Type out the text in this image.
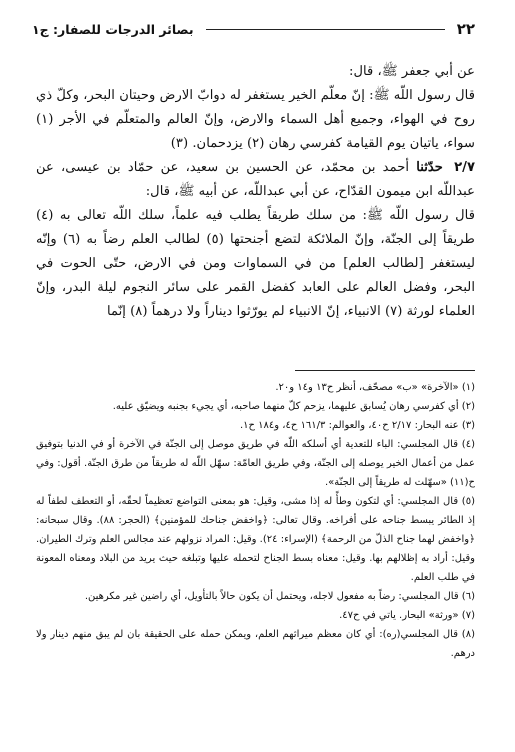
٢٢
بصائر الدرجات للصفار: ج١

عن أبي جعفر ﷺ، قال:

قال رسول اللّه ﷺ: إنّ معلّم الخير يستغفر له دوابّ الارض وحيتان البحر، وكلّ ذي روح في الهواء، وجميع أهل السماء والارض، وإنّ العالم والمتعلّم في الأجر (١) سواء، ياتيان يوم القيامة كفرسي رهان (٢) يزدحمان. (٣)

٢/٧ حدّثنا أحمد بن محمّد، عن الحسين بن سعيد، عن حمّاد بن عيسى، عن عبداللّه ابن ميمون القدّاح، عن أبي عبداللّه، عن أبيه ﷺ، قال:

قال رسول اللّه ﷺ: من سلك طريقاً يطلب فيه علماً، سلك اللّه تعالى به (٤) طريقاً إلى الجنّة، وإنّ الملائكة لتضع أجنحتها (٥) لطالب العلم رضاً به (٦) وإنّه ليستغفر [لطالب العلم] من في السماوات ومن في الارض، حتّى الحوت في البحر، وفضل العالم على العابد كفضل القمر على سائر النجوم ليلة البدر، وإنّ العلماء لورثة (٧) الانبياء، إنّ الانبياء لم يورّثوا ديناراً ولا درهماً (٨) إنّما

(١) «الآخرة» «ب» مصحّف، أنظر ح١٣ و١٤ و٢٠.

(٢) أي كفرسي رهان يُسابق عليهما، يزحم كلّ منهما صاحبه، أي يجيء بجنبه ويضيّق عليه.

(٣) عنه البحار: ٢/١٧ ح٤٠، والعوالم: ١٦١/٣ ح٤، و١٨٤ ح١.

(٤) قال المجلسي: الباء للتعدية أي أسلكه اللّه في طريق موصل إلى الجنّة في الآخرة أو في الدنيا بتوفيق عمل من أعمال الخير يوصله إلى الجنّة، وفي طريق العامّة: سهّل اللّه له طريقاً من طرق الجنّة. أقول: وفي ح(١١) «سهّلت له طريقاً إلى الجنّة».

(٥) قال المجلسي: أي لتكون وطأً له إذا مشى، وقيل: هو بمعنى التواضع تعظيماً لحقّه، أو التعطف لطفاً له إذ الطائر يبسط جناحه على أفراخه. وقال تعالى: ﴿واخفض جناحك للمؤمنين﴾ (الحجر: ٨٨). وقال سبحانه: ﴿واخفض لهما جناح الذلّ من الرحمة﴾ (الإسراء: ٢٤). وقيل: المراد نزولهم عند مجالس العلم وترك الطيران. وقيل: أراد به إظلالهم بها. وقيل: معناه بسط الجناح لتحمله عليها وتبلغه حيث يريد من البلاد ومعناه المعونة في طلب العلم.

(٦) قال المجلسي: رضاً به مفعول لاجله، ويحتمل أن يكون حالاً بالتأويل، أي راضين غير مكرهين.

(٧) «ورثة» البحار. ياتي في ح٤٧.

(٨) قال المجلسي(ره): أي كان معظم ميراثهم العلم، ويمكن حمله على الحقيقة بان لم يبق منهم دينار ولا درهم.
